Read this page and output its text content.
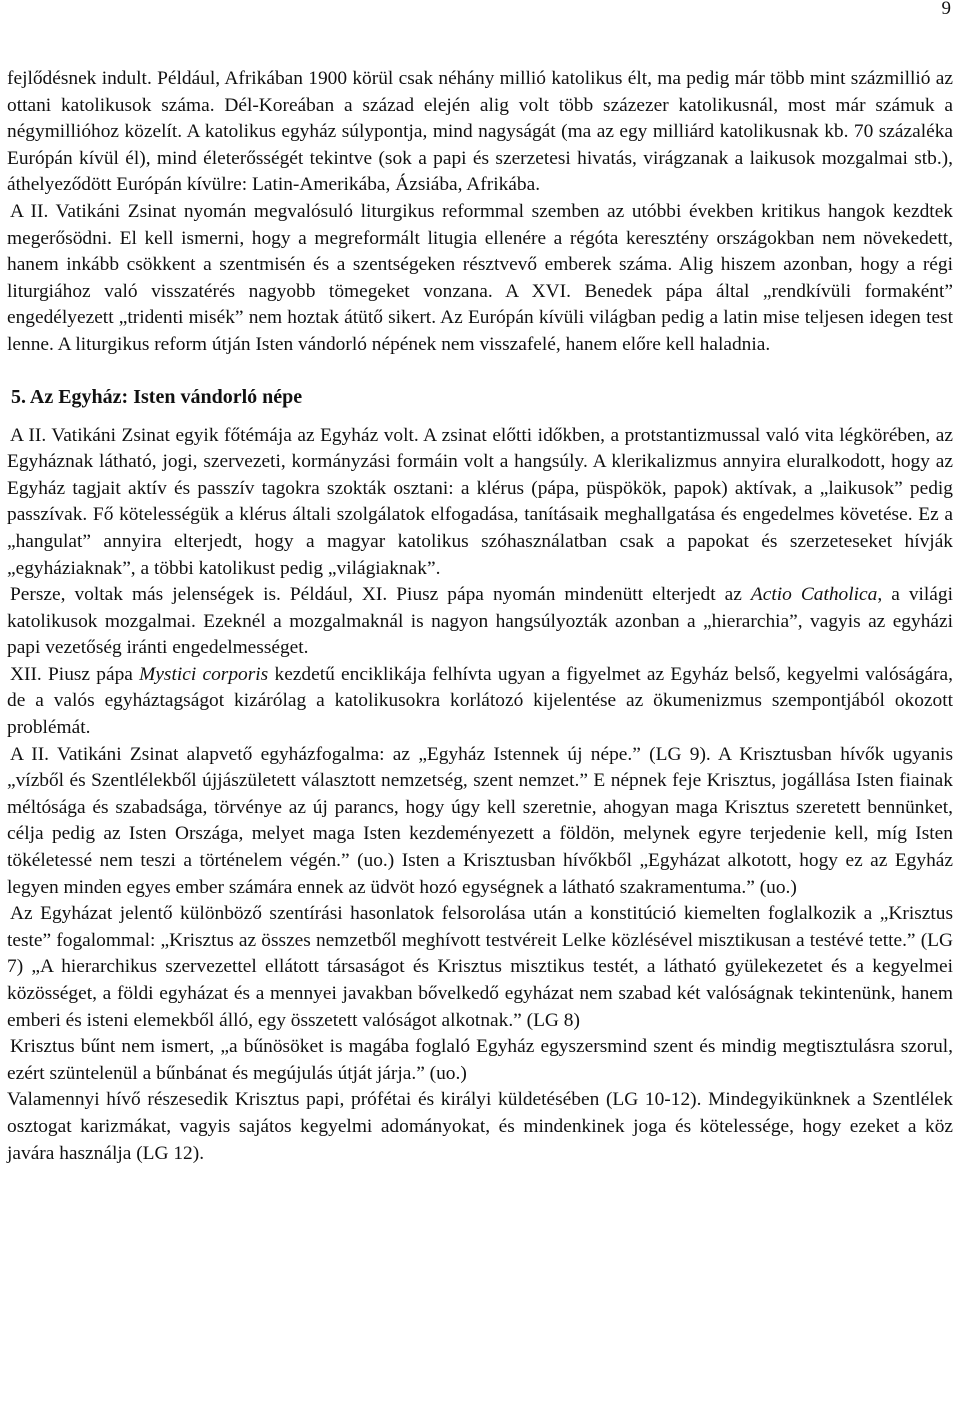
9

fejlődésnek indult. Például, Afrikában 1900 körül csak néhány millió katolikus élt, ma pedig már több mint százmillió az ottani katolikusok száma. Dél-Koreában a század elején alig volt több százezer katolikusnál, most már számuk a négymillióhoz közelít. A katolikus egyház súlypontja, mind nagyságát (ma az egy milliárd katolikusnak kb. 70 százaléka Európán kívül él), mind életerősségét tekintve (sok a papi és szerzetesi hivatás, virágzanak a laikusok mozgalmai stb.), áthelyeződött Európán kívülre: Latin-Amerikába, Ázsiába, Afrikába.

A II. Vatikáni Zsinat nyomán megvalósuló liturgikus reformmal szemben az utóbbi években kritikus hangok kezdtek megerősödni. El kell ismerni, hogy a megreformált litugia ellenére a régóta keresztény országokban nem növekedett, hanem inkább csökkent a szentmisén és a szentségeken résztvevő emberek száma. Alig hiszem azonban, hogy a régi liturgiához való visszatérés nagyobb tömegeket vonzana. A XVI. Benedek pápa által „rendkívüli formaként” engedélyezett „tridenti misék” nem hoztak átütő sikert. Az Európán kívüli világban pedig a latin mise teljesen idegen test lenne. A liturgikus reform útján Isten vándorló népének nem visszafelé, hanem előre kell haladnia.

5. Az Egyház: Isten vándorló népe

A II. Vatikáni Zsinat egyik főtémája az Egyház volt. A zsinat előtti időkben, a protstantizmussal való vita légkörében, az Egyháznak látható, jogi, szervezeti, kormányzási formáin volt a hangsúly. A klerikalizmus annyira eluralkodott, hogy az Egyház tagjait aktív és passzív tagokra szokták osztani: a klérus (pápa, püspökök, papok) aktívak, a „laikusok” pedig passzívak. Fő kötelességük a klérus általi szolgálatok elfogadása, tanításaik meghallgatása és engedelmes követése. Ez a „hangulat” annyira elterjedt, hogy a magyar katolikus szóhasználatban csak a papokat és szerzeteseket hívják „egyháziaknak”, a többi katolikust pedig „világiaknak”.

Persze, voltak más jelenségek is. Például, XI. Piusz pápa nyomán mindenütt elterjedt az Actio Catholica, a világi katolikusok mozgalmai. Ezeknél a mozgalmaknál is nagyon hangsúlyozták azonban a „hierarchia”, vagyis az egyházi papi vezetőség iránti engedelmességet.

XII. Piusz pápa Mystici corporis kezdetű enciklikája felhívta ugyan a figyelmet az Egyház belső, kegyelmi valóságára, de a valós egyháztagságot kizárólag a katolikusokra korlátozó kijelentése az ökumenizmus szempontjából okozott problémát.

A II. Vatikáni Zsinat alapvető egyházfogalma: az „Egyház Istennek új népe.” (LG 9). A Krisztusban hívők ugyanis „vízből és Szentlélekből újjászületett választott nemzetség, szent nemzet.” E népnek feje Krisztus, jogállása Isten fiainak méltósága és szabadsága, törvénye az új parancs, hogy úgy kell szeretnie, ahogyan maga Krisztus szeretett bennünket, célja pedig az Isten Országa, melyet maga Isten kezdeményezett a földön, melynek egyre terjedenie kell, míg Isten tökéletessé nem teszi a történelem végén.” (uo.) Isten a Krisztusban hívőkből „Egyházat alkotott, hogy ez az Egyház legyen minden egyes ember számára ennek az üdvöt hozó egységnek a látható szakramentuma.” (uo.)

Az Egyházat jelentő különböző szentírási hasonlatok felsorolása után a konstitúció kiemelten foglalkozik a „Krisztus teste” fogalommal: „Krisztus az összes nemzetből meghívott testvéreit Lelke közlésével misztikusan a testévé tette.” (LG 7) „A hierarchikus szervezettel ellátott társaságot és Krisztus misztikus testét, a látható gyülekezetet és a kegyelmei közösséget, a földi egyházat és a mennyei javakban bővelkedő egyházat nem szabad két valóságnak tekintenünk, hanem emberi és isteni elemekből álló, egy összetett valóságot alkotnak.” (LG 8)

Krisztus bűnt nem ismert, „a bűnösöket is magába foglaló Egyház egyszersmind szent és mindig megtisztulásra szorul, ezért szüntelenül a bűnbánat és megújulás útját járja.” (uo.)

Valamennyi hívő részesedik Krisztus papi, prófétai és királyi küldetésében (LG 10-12). Mindegyikünknek a Szentlélek osztogat karizmákat, vagyis sajátos kegyelmi adományokat, és mindenkinek joga és kötelessége, hogy ezeket a köz javára használja (LG 12).
